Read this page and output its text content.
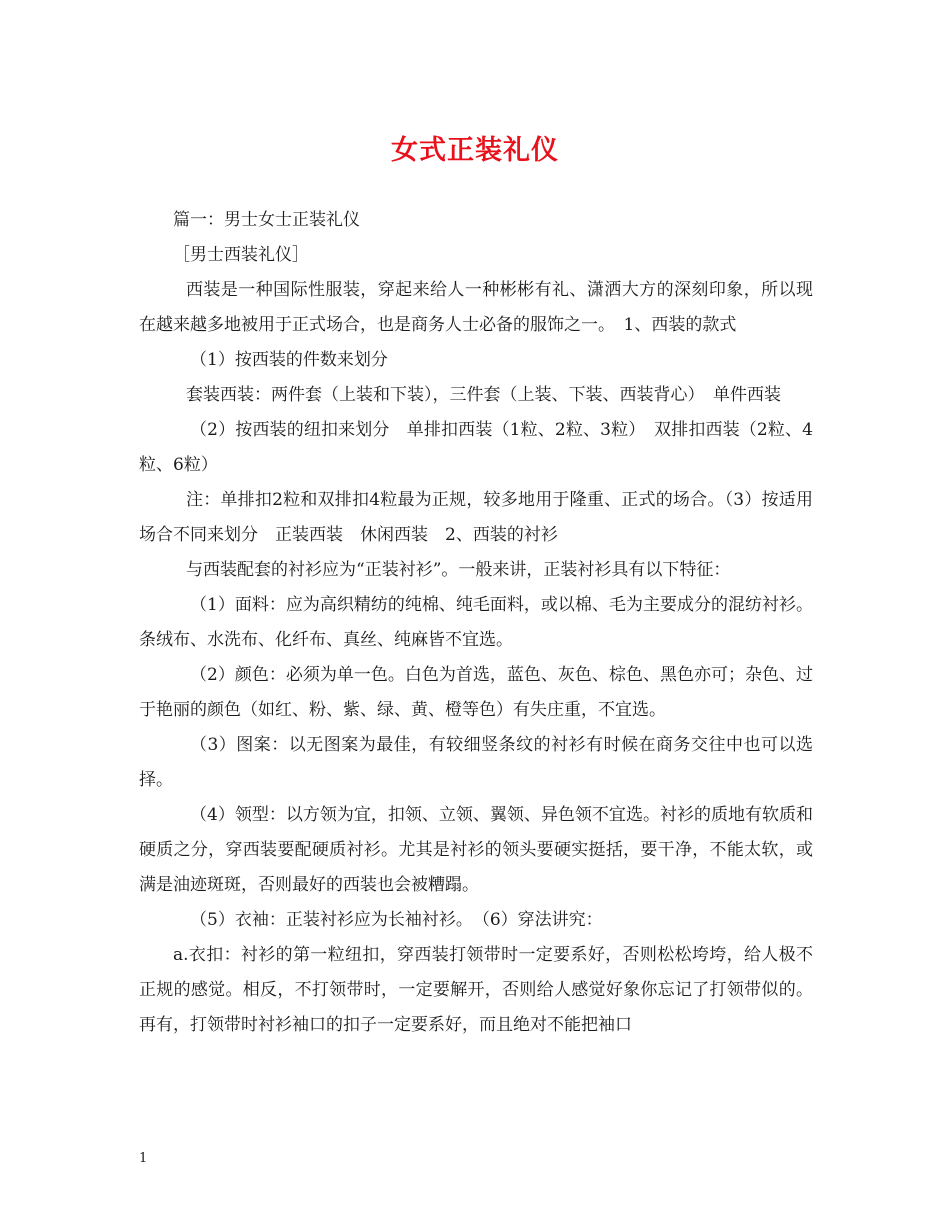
女式正装礼仪

篇一：男士女士正装礼仪

［男士西装礼仪］

西装是一种国际性服装，穿起来给人一种彬彬有礼、潇洒大方的深刻印象，所以现在越来越多地被用于正式场合，也是商务人士必备的服饰之一。　1、西装的款式

（1）按西装的件数来划分

套装西装：两件套（上装和下装），三件套（上装、下装、西装背心）　单件西装

（2）按西装的纽扣来划分　单排扣西装（1粒、2粒、3粒）　双排扣西装（2粒、4粒、6粒）

注：单排扣2粒和双排扣4粒最为正规，较多地用于隆重、正式的场合。（3）按适用场合不同来划分　正装西装　休闲西装　2、西装的衬衫

与西装配套的衬衫应为“正装衬衫”。一般来讲，正装衬衫具有以下特征：

（1）面料：应为高织精纺的纯棉、纯毛面料，或以棉、毛为主要成分的混纺衬衫。条绒布、水洗布、化纤布、真丝、纯麻皆不宜选。

（2）颜色：必须为单一色。白色为首选，蓝色、灰色、棕色、黑色亦可；杂色、过于艳丽的颜色（如红、粉、紫、绿、黄、橙等色）有失庄重，不宜选。

（3）图案：以无图案为最佳，有较细竖条纹的衬衫有时候在商务交往中也可以选择。

（4）领型：以方领为宜，扣领、立领、翼领、异色领不宜选。衬衫的质地有软质和硬质之分，穿西装要配硬质衬衫。尤其是衬衫的领头要硬实挺括，要干净，不能太软，或满是油迹斑斑，否则最好的西装也会被糟蹋。

（5）衣袖：正装衬衫应为长袖衬衫。　（6）穿法讲究：

a.衣扣：衬衫的第一粒纽扣，穿西装打领带时一定要系好，否则松松垮垮，给人极不正规的感觉。相反，不打领带时，一定要解开，否则给人感觉好象你忘记了打领带似的。再有，打领带时衬衫袖口的扣子一定要系好，而且绝对不能把袖口

1
